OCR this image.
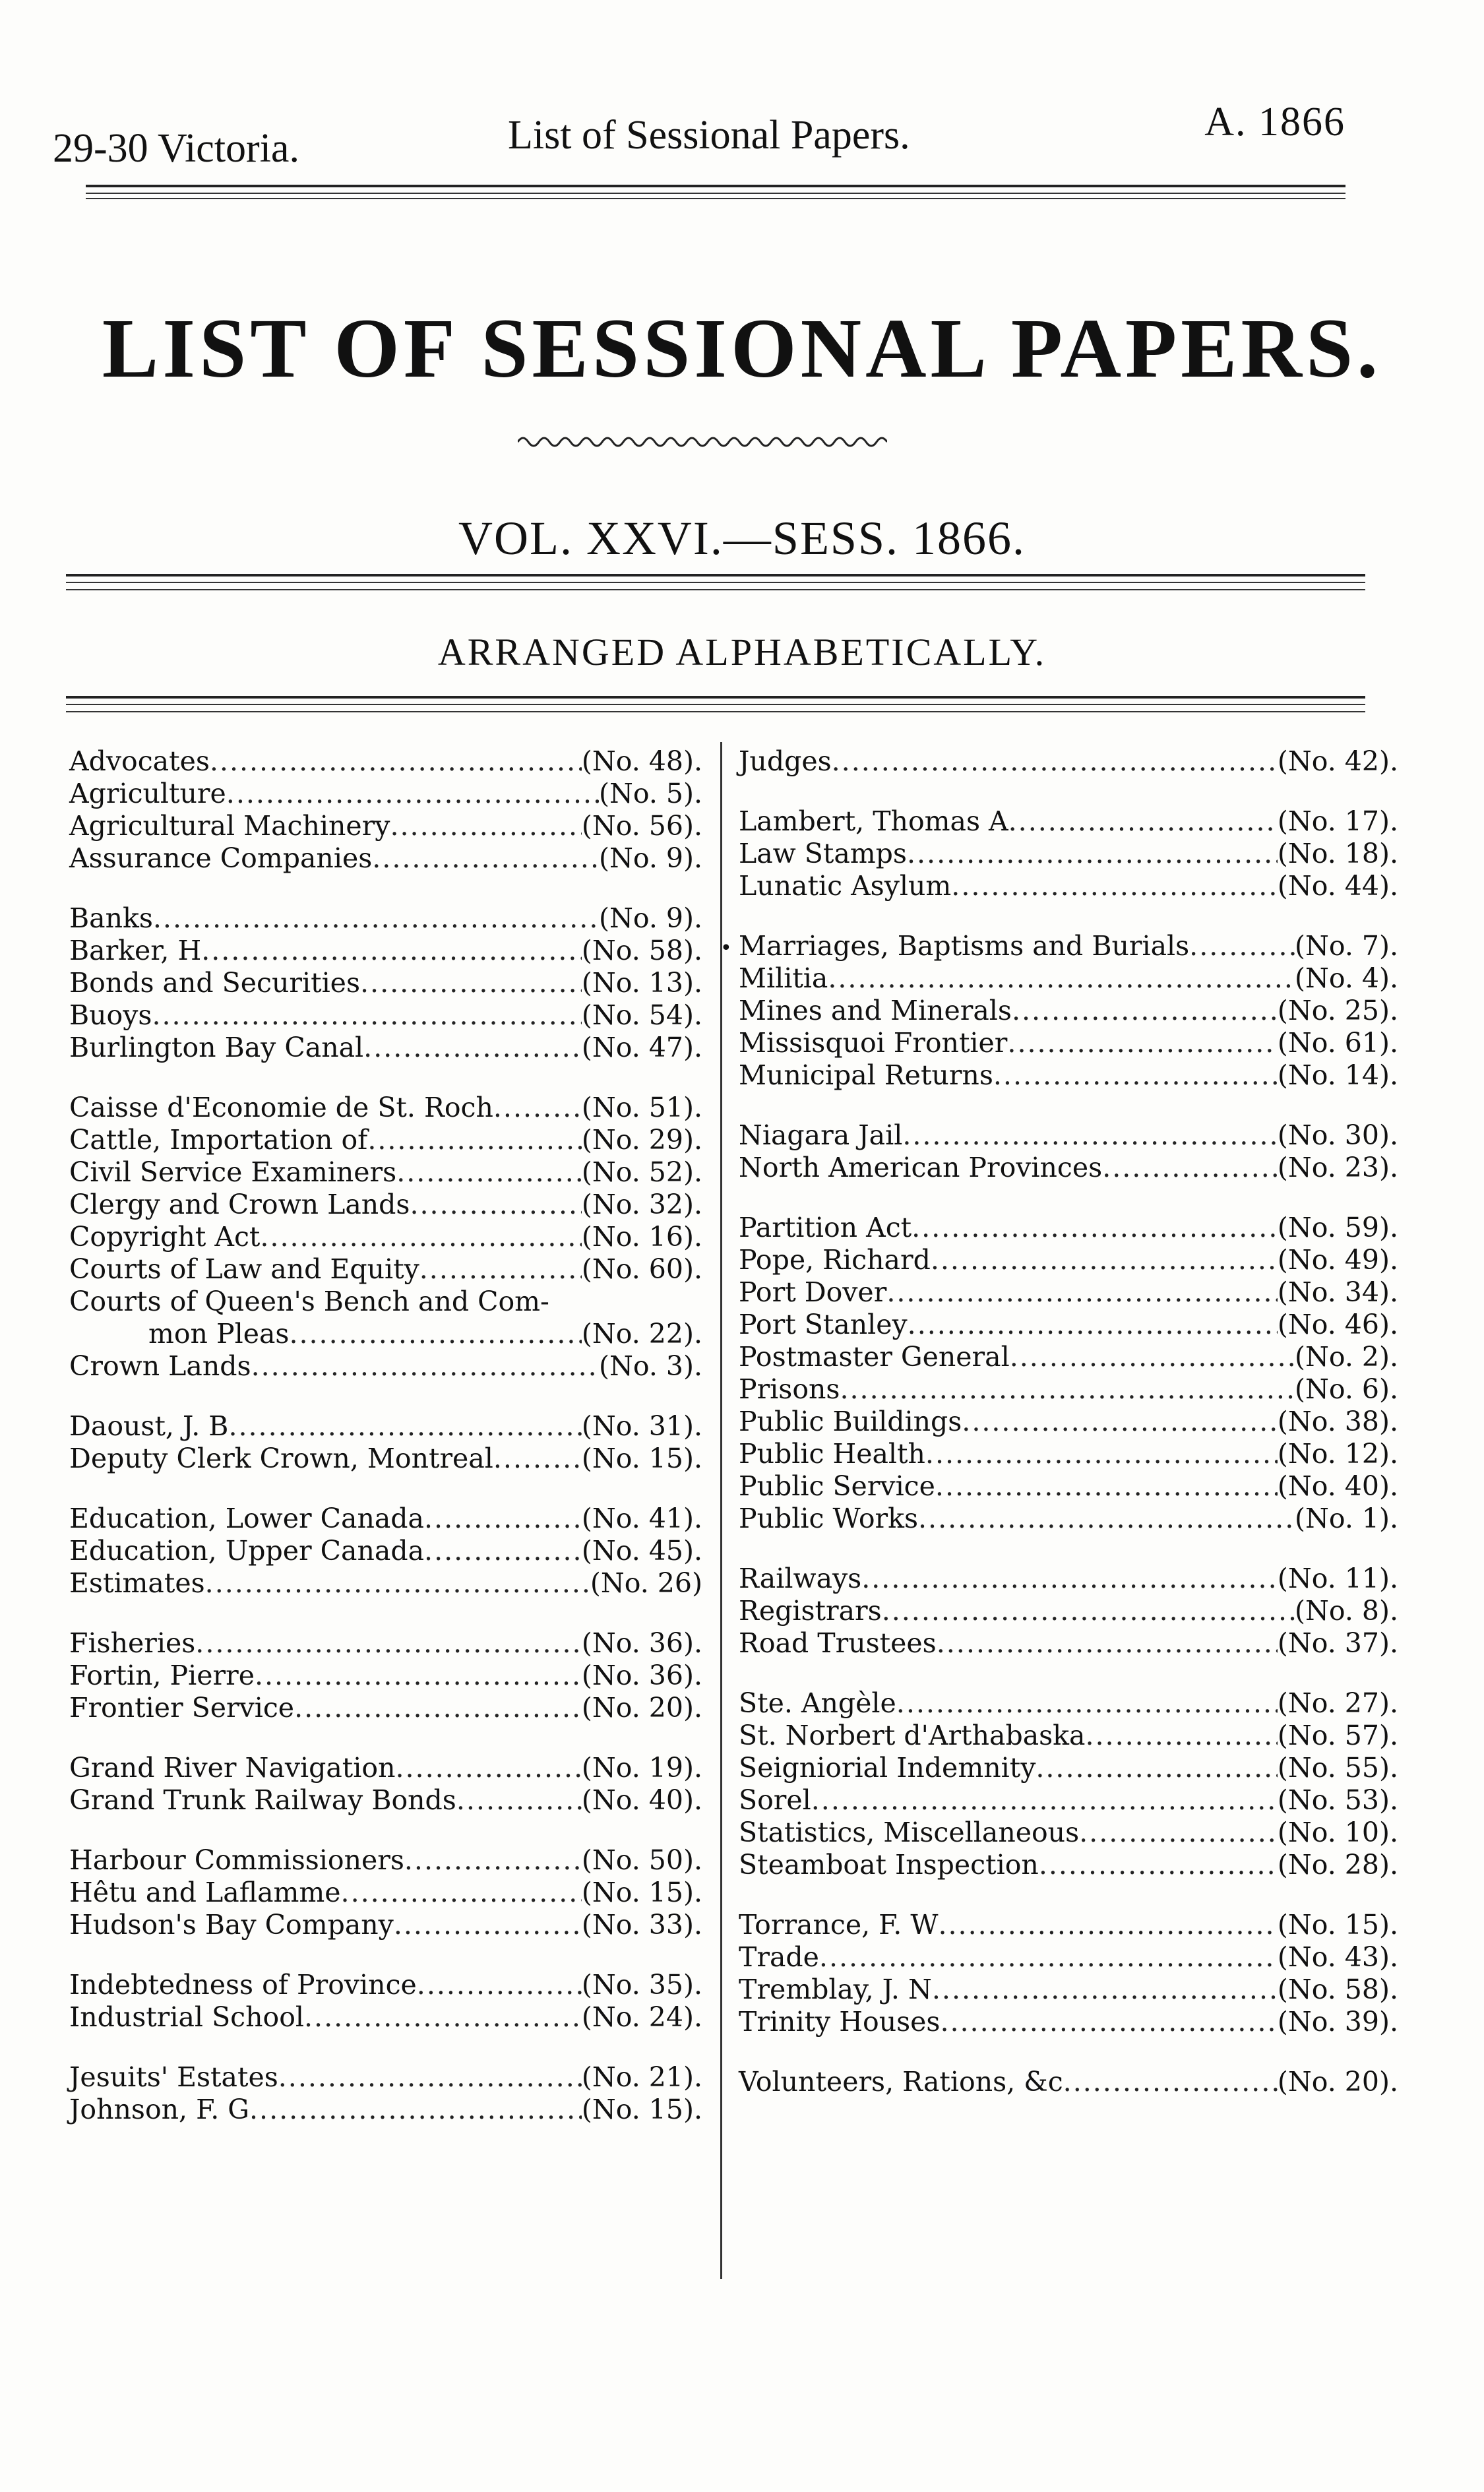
29-30 Victoria.	List of Sessional Papers.	A. 1866
LIST OF SESSIONAL PAPERS.
VOL. XXVI.—SESS. 1866.
ARRANGED ALPHABETICALLY.
Advocates .....	(No. 48).
Agriculture .....	(No. 5).
Agricultural Machinery .....	(No. 56).
Assurance Companies .....	(No. 9).
Banks .....	(No. 9).
Barker, H .....	(No. 58).
Bonds and Securities .....	(No. 13).
Buoys .....	(No. 54).
Burlington Bay Canal .....	(No. 47).
Caisse d'Economie de St. Roch .....	(No. 51).
Cattle, Importation of .....	(No. 29).
Civil Service Examiners .....	(No. 52).
Clergy and Crown Lands .....	(No. 32).
Copyright Act .....	(No. 16).
Courts of Law and Equity .....	(No. 60).
Courts of Queen's Bench and Com-
mon Pleas .....	(No. 22).
Crown Lands .....	(No. 3).
Daoust, J. B .....	(No. 31).
Deputy Clerk Crown, Montreal .....	(No. 15).
Education, Lower Canada .....	(No. 41).
Education, Upper Canada .....	(No. 45).
Estimates .....	(No. 26)
Fisheries .....	(No. 36).
Fortin, Pierre .....	(No. 36).
Frontier Service .....	(No. 20).
Grand River Navigation .....	(No. 19).
Grand Trunk Railway Bonds .....	(No. 40).
Harbour Commissioners .....	(No. 50).
Hêtu and Laflamme .....	(No. 15).
Hudson's Bay Company .....	(No. 33).
Indebtedness of Province .....	(No. 35).
Industrial School .....	(No. 24).
Jesuits' Estates .....	(No. 21).
Johnson, F. G .....	(No. 15).
Judges .....	(No. 42).
Lambert, Thomas A .....	(No. 17).
Law Stamps .....	(No. 18).
Lunatic Asylum .....	(No. 44).
Marriages, Baptisms and Burials .....	(No. 7).
Militia .....	(No. 4).
Mines and Minerals .....	(No. 25).
Missisquoi Frontier .....	(No. 61).
Municipal Returns .....	(No. 14).
Niagara Jail .....	(No. 30).
North American Provinces .....	(No. 23).
Partition Act .....	(No. 59).
Pope, Richard .....	(No. 49).
Port Dover .....	(No. 34).
Port Stanley .....	(No. 46).
Postmaster General .....	(No. 2).
Prisons .....	(No. 6).
Public Buildings .....	(No. 38).
Public Health .....	(No. 12).
Public Service .....	(No. 40).
Public Works .....	(No. 1).
Railways .....	(No. 11).
Registrars .....	(No. 8).
Road Trustees .....	(No. 37).
Ste. Angèle .....	(No. 27).
St. Norbert d'Arthabaska .....	(No. 57).
Seigniorial Indemnity .....	(No. 55).
Sorel .....	(No. 53).
Statistics, Miscellaneous .....	(No. 10).
Steamboat Inspection .....	(No. 28).
Torrance, F. W .....	(No. 15).
Trade .....	(No. 43).
Tremblay, J. N .....	(No. 58).
Trinity Houses .....	(No. 39).
Volunteers, Rations, &c .....	(No. 20).
•
